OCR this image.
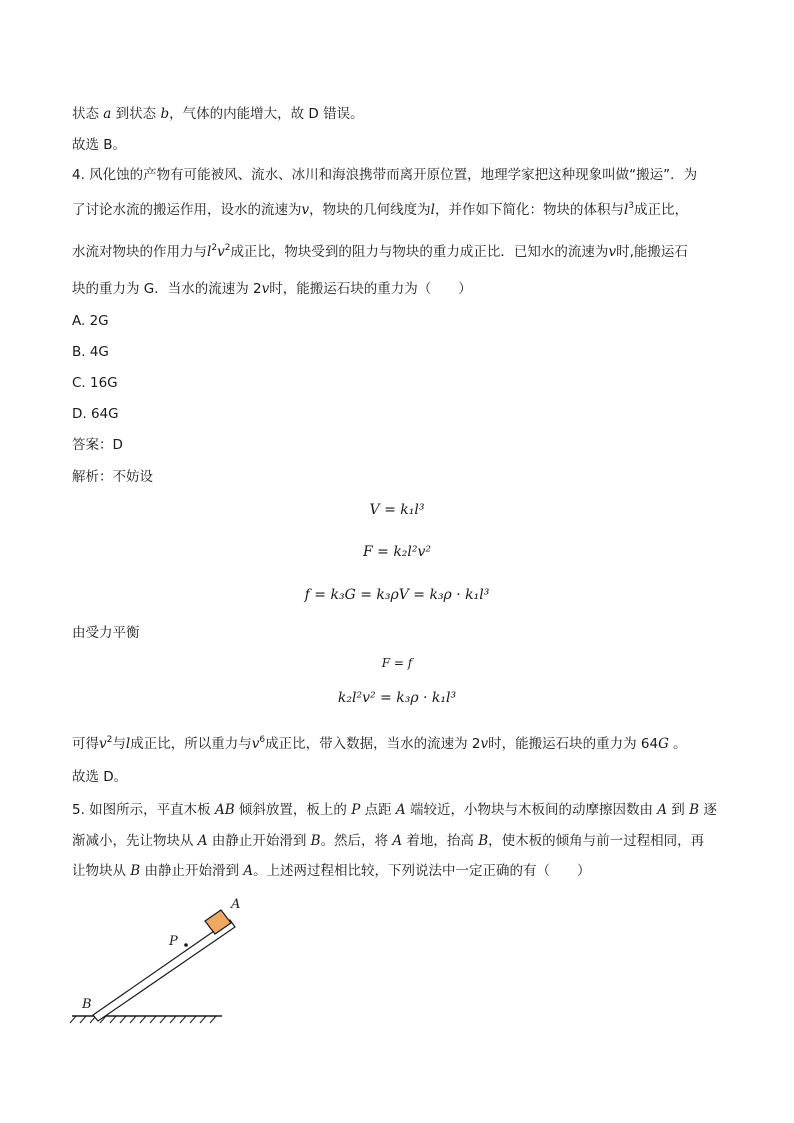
状态 a 到状态 b，气体的内能增大，故 D 错误。
故选 B。
4. 风化蚀的产物有可能被风、流水、冰川和海浪携带而离开原位置，地理学家把这种现象叫做“搬运”．为
了讨论水流的搬运作用，设水的流速为v，物块的几何线度为l，并作如下简化：物块的体积与$l^3$成正比，
水流对物块的作用力与$l^2v^2$成正比，物块受到的阻力与物块的重力成正比．已知水的流速为v时,能搬运石
块的重力为 G．当水的流速为 2v时，能搬运石块的重力为（　　）
A. 2G
B. 4G
C. 16G
D. 64G
答案：D
解析：不妨设
V = k₁l³
F = k₂l²v²
f = k₃G = k₃ρV = k₃ρ · k₁l³
由受力平衡
F = f
k₂l²v² = k₃ρ · k₁l³
可得$v^2$与l成正比，所以重力与$v^6$成正比，带入数据，当水的流速为 2v时，能搬运石块的重力为 64G 。
故选 D。
5. 如图所示，平直木板 AB 倾斜放置，板上的 P 点距 A 端较近，小物块与木板间的动摩擦因数由 A 到 B 逐
渐减小，先让物块从 A 由静止开始滑到 B。然后，将 A 着地，抬高 B，使木板的倾角与前一过程相同，再
让物块从 B 由静止开始滑到 A。上述两过程相比较，下列说法中一定正确的有（　　）
P
A
B
